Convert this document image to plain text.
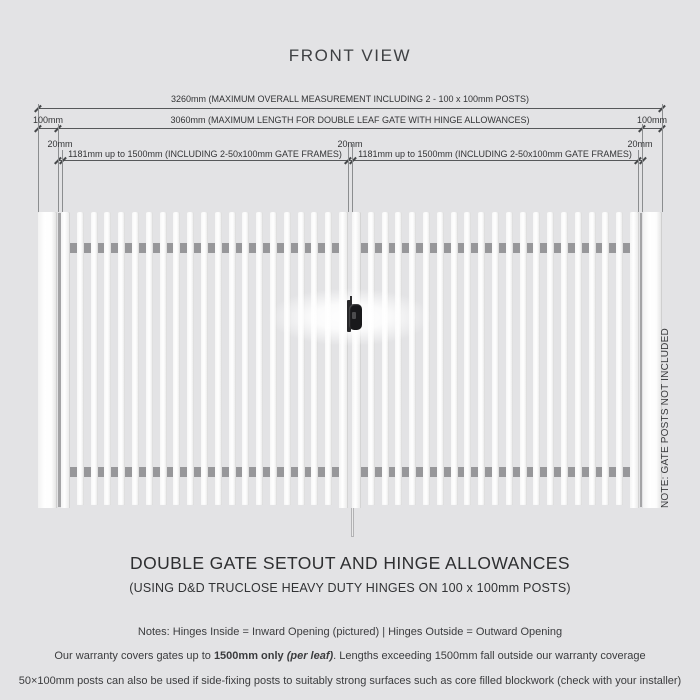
FRONT VIEW
3260mm (MAXIMUM OVERALL MEASUREMENT INCLUDING 2 - 100 x 100mm POSTS)
3060mm (MAXIMUM LENGTH FOR DOUBLE LEAF GATE WITH HINGE ALLOWANCES)
100mm	100mm
20mm	20mm	20mm
1181mm up to 1500mm (INCLUDING 2-50x100mm GATE FRAMES)	1181mm up to 1500mm (INCLUDING 2-50x100mm GATE FRAMES)
NOTE: GATE POSTS NOT INCLUDED
DOUBLE GATE SETOUT AND HINGE ALLOWANCES
(USING D&D TRUCLOSE HEAVY DUTY HINGES ON 100 x 100mm POSTS)
Notes: Hinges Inside = Inward Opening (pictured) | Hinges Outside = Outward Opening
Our warranty covers gates up to 1500mm only (per leaf). Lengths exceeding 1500mm fall outside our warranty coverage
50×100mm posts can also be used if side-fixing posts to suitably strong surfaces such as core filled blockwork (check with your installer)
